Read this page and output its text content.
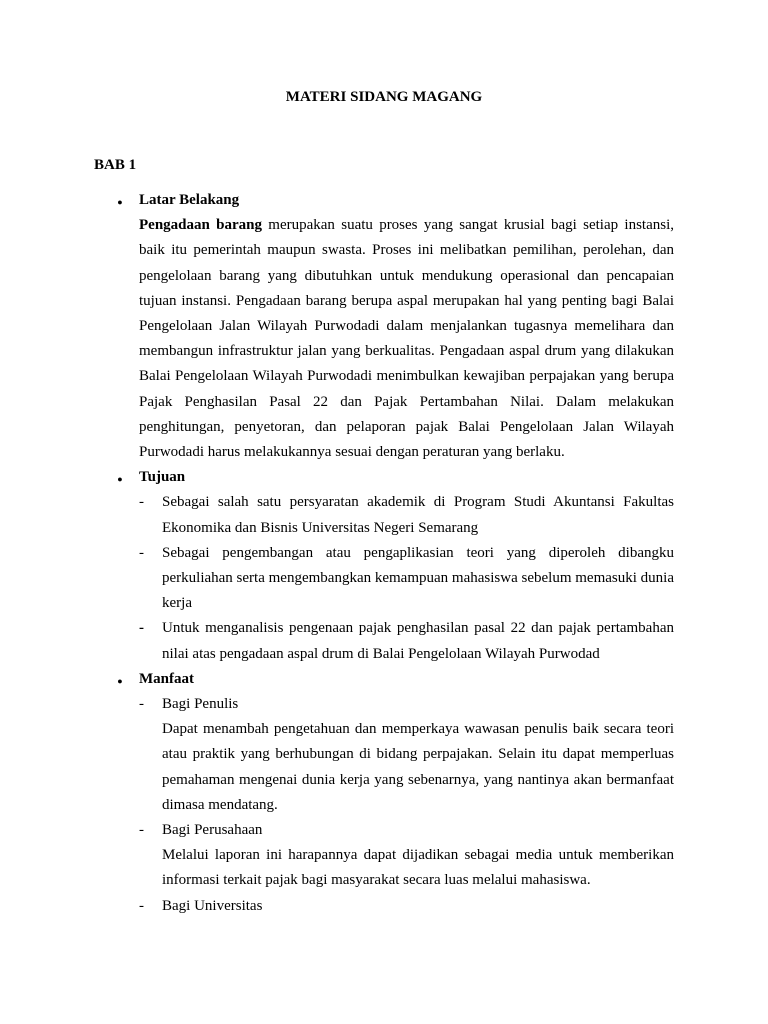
MATERI SIDANG MAGANG
BAB 1
●
Latar Belakang

Pengadaan barang merupakan suatu proses yang sangat krusial bagi setiap instansi, baik itu pemerintah maupun swasta. Proses ini melibatkan pemilihan, perolehan, dan pengelolaan barang yang dibutuhkan untuk mendukung operasional dan pencapaian tujuan instansi. Pengadaan barang berupa aspal merupakan hal yang penting bagi Balai Pengelolaan Jalan Wilayah Purwodadi dalam menjalankan tugasnya memelihara dan membangun infrastruktur jalan yang berkualitas. Pengadaan aspal drum yang dilakukan Balai Pengelolaan Wilayah Purwodadi menimbulkan kewajiban perpajakan yang berupa Pajak Penghasilan Pasal 22 dan Pajak Pertambahan Nilai. Dalam melakukan penghitungan, penyetoran, dan pelaporan pajak Balai Pengelolaan Jalan Wilayah Purwodadi harus melakukannya sesuai dengan peraturan yang berlaku.

●
Tujuan
-	Sebagai salah satu persyaratan akademik di Program Studi Akuntansi Fakultas Ekonomika dan Bisnis Universitas Negeri Semarang

-	Sebagai pengembangan atau pengaplikasian teori yang diperoleh dibangku perkuliahan serta mengembangkan kemampuan mahasiswa sebelum memasuki dunia kerja

-	Untuk menganalisis pengenaan pajak penghasilan pasal 22 dan pajak pertambahan nilai atas pengadaan aspal drum di Balai Pengelolaan Wilayah Purwodad

●
Manfaat
-	Bagi Penulis

Dapat menambah pengetahuan dan memperkaya wawasan penulis baik secara teori atau praktik yang berhubungan di bidang perpajakan. Selain itu dapat memperluas pemahaman mengenai dunia kerja yang sebenarnya, yang nantinya akan bermanfaat dimasa mendatang.

-	Bagi Perusahaan

Melalui laporan ini harapannya dapat dijadikan sebagai media untuk memberikan informasi terkait pajak bagi masyarakat secara luas melalui mahasiswa.

-	Bagi Universitas
